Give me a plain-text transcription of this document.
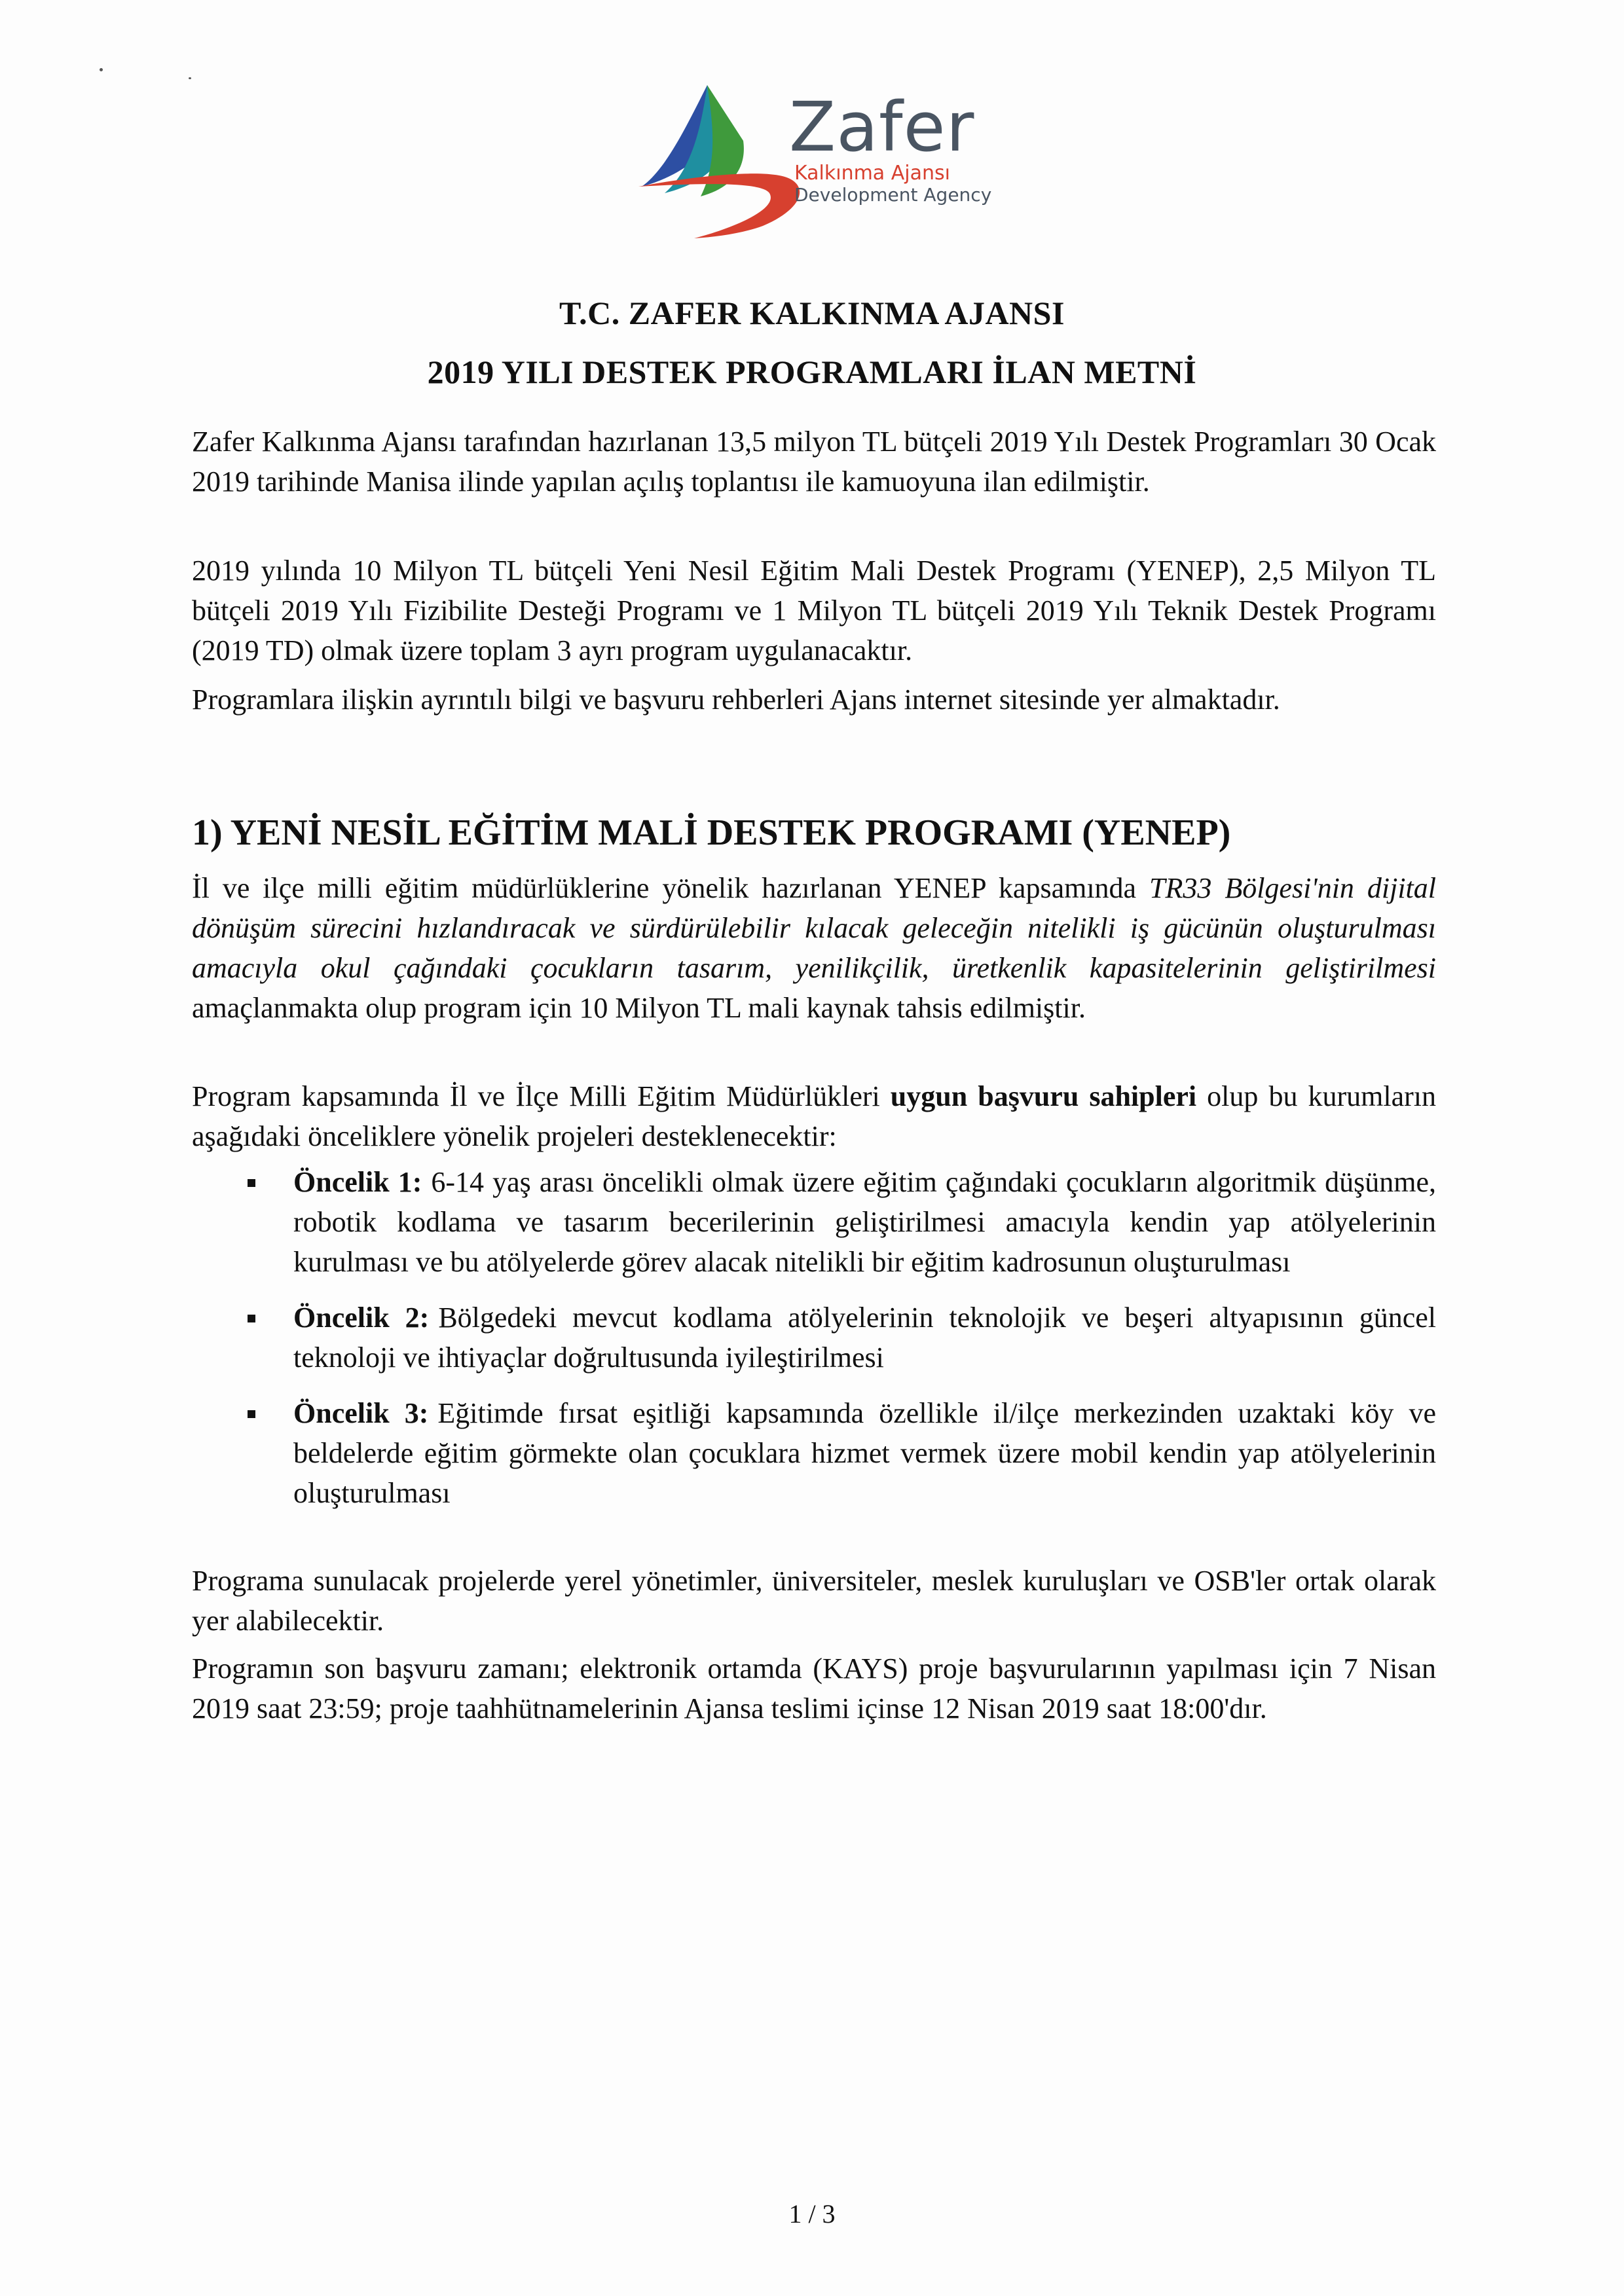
Zafer
Kalkınma Ajansı
Development Agency
T.C. ZAFER KALKINMA AJANSI
2019 YILI DESTEK PROGRAMLARI İLAN METNİ

Zafer Kalkınma Ajansı tarafından hazırlanan 13,5 milyon TL bütçeli 2019 Yılı Destek Programları 30 Ocak 2019 tarihinde Manisa ilinde yapılan açılış toplantısı ile kamuoyuna ilan edilmiştir.

2019 yılında 10 Milyon TL bütçeli Yeni Nesil Eğitim Mali Destek Programı (YENEP), 2,5 Milyon TL bütçeli 2019 Yılı Fizibilite Desteği Programı ve 1 Milyon TL bütçeli 2019 Yılı Teknik Destek Programı (2019 TD) olmak üzere toplam 3 ayrı program uygulanacaktır.

Programlara ilişkin ayrıntılı bilgi ve başvuru rehberleri Ajans internet sitesinde yer almaktadır.

1) YENİ NESİL EĞİTİM MALİ DESTEK PROGRAMI (YENEP)

İl ve ilçe milli eğitim müdürlüklerine yönelik hazırlanan YENEP kapsamında TR33 Bölgesi'nin dijital dönüşüm sürecini hızlandıracak ve sürdürülebilir kılacak geleceğin nitelikli iş gücünün oluşturulması amacıyla okul çağındaki çocukların tasarım, yenilikçilik, üretkenlik kapasitelerinin geliştirilmesi amaçlanmakta olup program için 10 Milyon TL mali kaynak tahsis edilmiştir.

Program kapsamında İl ve İlçe Milli Eğitim Müdürlükleri uygun başvuru sahipleri olup bu kurumların aşağıdaki önceliklere yönelik projeleri desteklenecektir:

Öncelik 1: 6-14 yaş arası öncelikli olmak üzere eğitim çağındaki çocukların algoritmik düşünme, robotik kodlama ve tasarım becerilerinin geliştirilmesi amacıyla kendin yap atölyelerinin kurulması ve bu atölyelerde görev alacak nitelikli bir eğitim kadrosunun oluşturulması
Öncelik 2: Bölgedeki mevcut kodlama atölyelerinin teknolojik ve beşeri altyapısının güncel teknoloji ve ihtiyaçlar doğrultusunda iyileştirilmesi
Öncelik 3: Eğitimde fırsat eşitliği kapsamında özellikle il/ilçe merkezinden uzaktaki köy ve beldelerde eğitim görmekte olan çocuklara hizmet vermek üzere mobil kendin yap atölyelerinin oluşturulması

Programa sunulacak projelerde yerel yönetimler, üniversiteler, meslek kuruluşları ve OSB'ler ortak olarak yer alabilecektir.

Programın son başvuru zamanı; elektronik ortamda (KAYS) proje başvurularının yapılması için 7 Nisan 2019 saat 23:59; proje taahhütnamelerinin Ajansa teslimi içinse 12 Nisan 2019 saat 18:00'dır.

1 / 3
